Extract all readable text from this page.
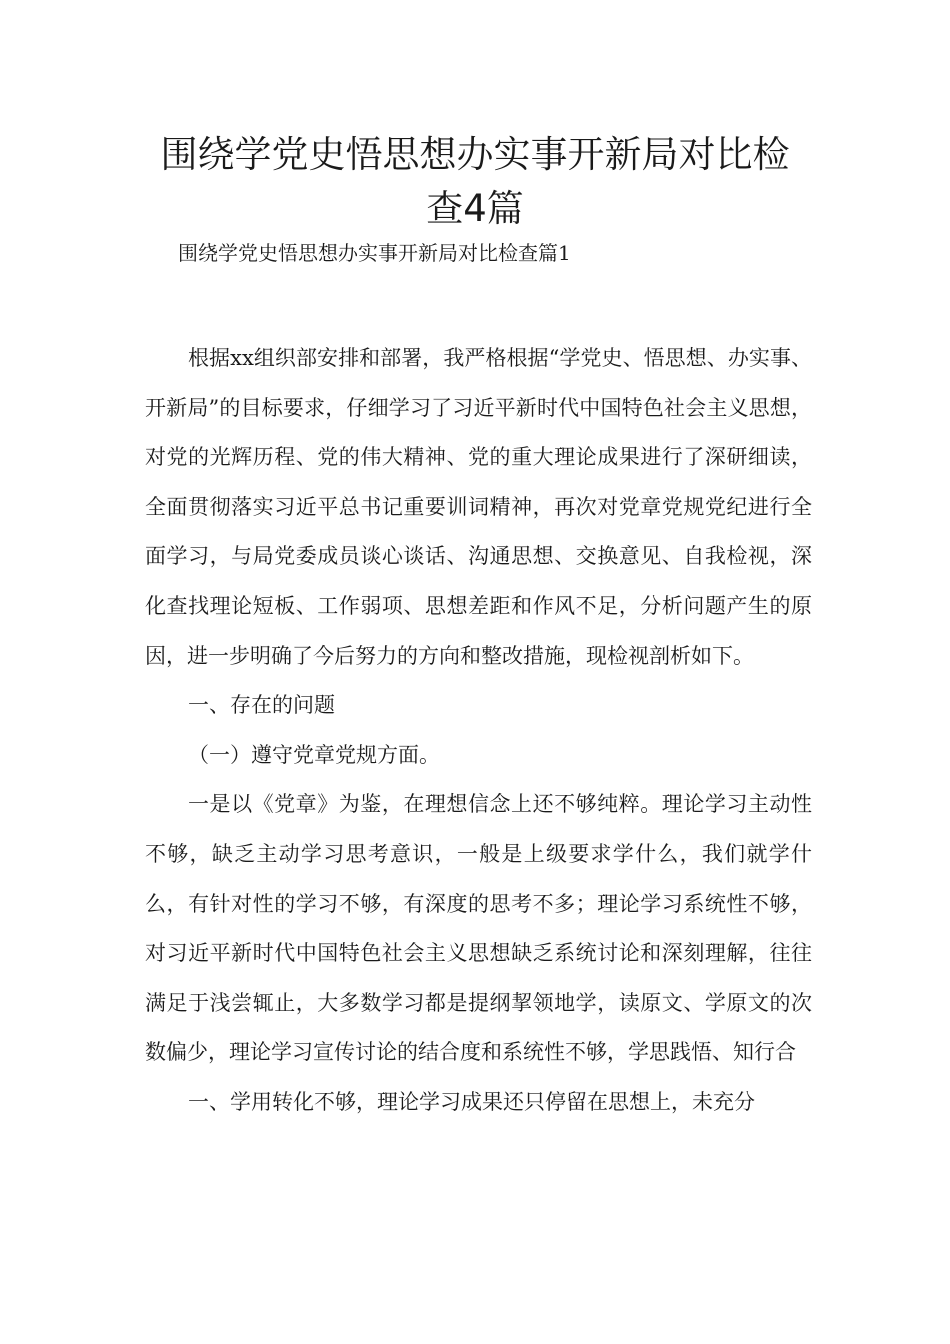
围绕学党史悟思想办实事开新局对比检
查4篇

围绕学党史悟思想办实事开新局对比检查篇1

根据xx组织部安排和部署，我严格根据“学党史、悟思想、办实事、开新局”的目标要求，仔细学习了习近平新时代中国特色社会主义思想，对党的光辉历程、党的伟大精神、党的重大理论成果进行了深研细读，全面贯彻落实习近平总书记重要训词精神，再次对党章党规党纪进行全面学习，与局党委成员谈心谈话、沟通思想、交换意见、自我检视，深化查找理论短板、工作弱项、思想差距和作风不足，分析问题产生的原因，进一步明确了今后努力的方向和整改措施，现检视剖析如下。

一、存在的问题

（一）遵守党章党规方面。

一是以《党章》为鉴，在理想信念上还不够纯粹。理论学习主动性不够，缺乏主动学习思考意识，一般是上级要求学什么，我们就学什么，有针对性的学习不够，有深度的思考不多；理论学习系统性不够，对习近平新时代中国特色社会主义思想缺乏系统讨论和深刻理解，往往满足于浅尝辄止，大多数学习都是提纲挈领地学，读原文、学原文的次数偏少，理论学习宣传讨论的结合度和系统性不够，学思践悟、知行合

一、学用转化不够，理论学习成果还只停留在思想上，未充分
